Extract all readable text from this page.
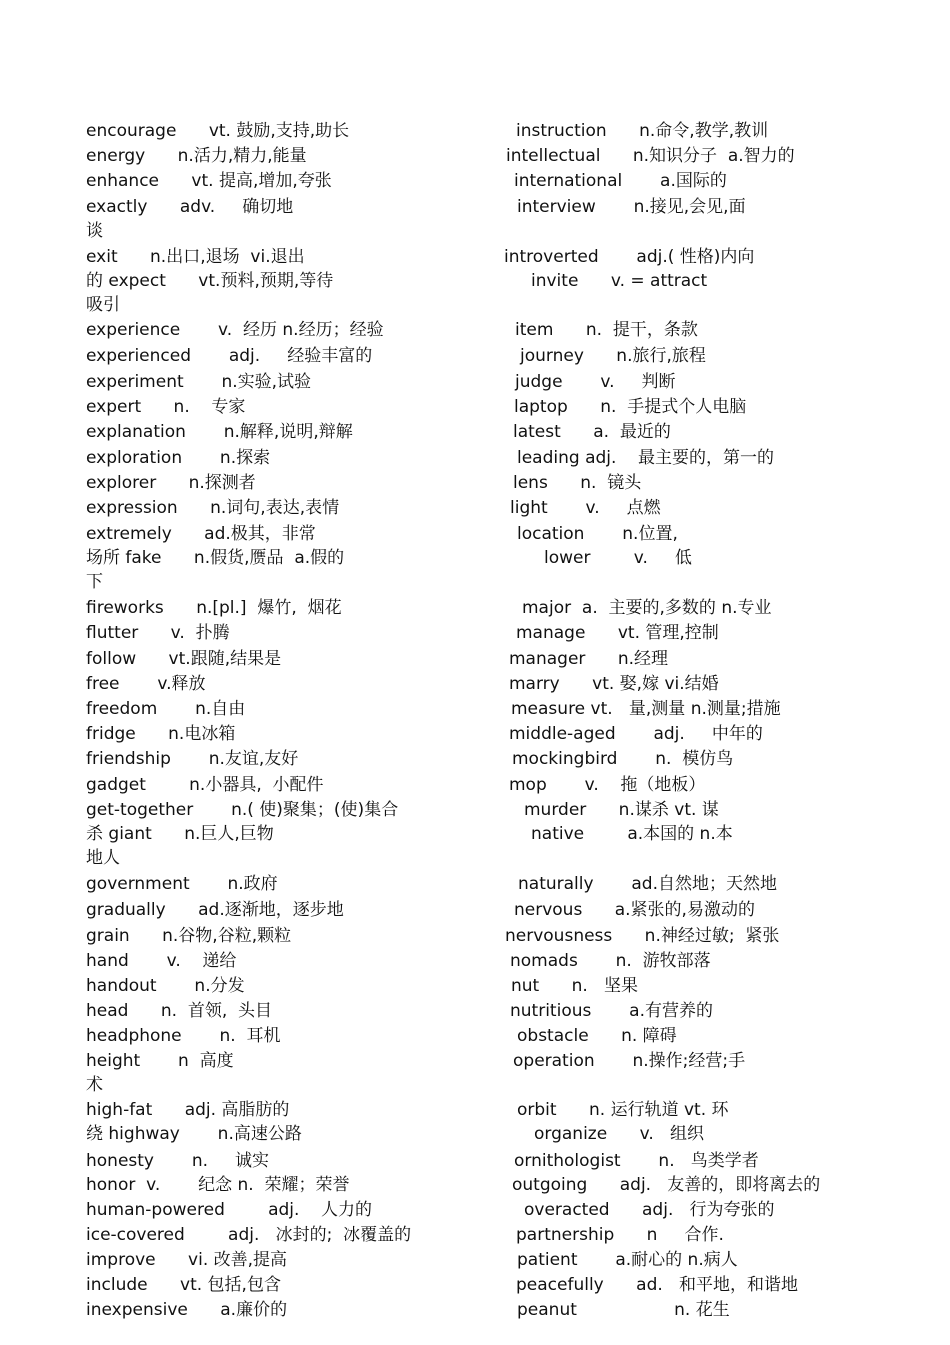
encourage      vt. 鼓励,支持,助长
energy      n.活力,精力,能量
enhance      vt. 提高,增加,夸张
exactly      adv.     确切地
谈
exit      n.出口,退场  vi.退出
的 expect      vt.预料,预期,等待
吸引
experience       v.  经历 n.经历；经验
experienced       adj.     经验丰富的
experiment       n.实验,试验
expert      n.    专家
explanation       n.解释,说明,辩解
exploration       n.探索
explorer      n.探测者
expression      n.词句,表达,表情
extremely      ad.极其，非常
场所 fake      n.假货,赝品  a.假的
下
fireworks      n.[pl.]  爆竹,  烟花
flutter      v.  扑腾
follow      vt.跟随,结果是
free       v.释放
freedom       n.自由
fridge      n.电冰箱
friendship       n.友谊,友好
gadget        n.小器具,  小配件
get-together       n.( 使)聚集；(使)集合
杀 giant      n.巨人,巨物
地人
government       n.政府
gradually      ad.逐渐地，逐步地
grain      n.谷物,谷粒,颗粒
hand       v.    递给
handout       n.分发
head      n.  首领,  头目
headphone       n.  耳机
height       n  高度
术
high-fat      adj. 高脂肪的
绕 highway       n.高速公路
honesty       n.     诚实
honor  v.       纪念 n.  荣耀；荣誉
human-powered        adj.    人力的
ice-covered        adj.   冰封的;  冰覆盖的
improve      vi. 改善,提高
include      vt. 包括,包含
inexpensive      a.廉价的
instruction      n.命令,教学,教训
intellectual      n.知识分子  a.智力的
international       a.国际的
interview       n.接见,会见,面
introverted       adj.( 性格)内向
invite      v. = attract
item      n.  提干，条款
journey      n.旅行,旅程
judge       v.     判断
laptop      n.  手提式个人电脑
latest      a.  最近的
leading adj.    最主要的，第一的
lens      n.  镜头
light       v.     点燃
location       n.位置,
lower        v.     低
major  a.  主要的,多数的 n.专业
manage      vt. 管理,控制
manager      n.经理
marry      vt. 娶,嫁 vi.结婚
measure vt.   量,测量 n.测量;措施
middle-aged       adj.     中年的
mockingbird       n.  模仿鸟
mop       v.    拖（地板）
murder      n.谋杀 vt. 谋
native        a.本国的 n.本
naturally       ad.自然地；天然地
nervous      a.紧张的,易激动的
nervousness      n.神经过敏;  紧张
nomads       n.  游牧部落
nut      n.   坚果
nutritious       a.有营养的
obstacle      n. 障碍
operation       n.操作;经营;手
orbit      n. 运行轨道 vt. 环
organize      v.   组织
ornithologist       n.   鸟类学者
outgoing      adj.   友善的，即将离去的
overacted      adj.   行为夸张的
partnership      n     合作.
patient       a.耐心的 n.病人
peacefully      ad.   和平地，和谐地
peanut                  n. 花生
